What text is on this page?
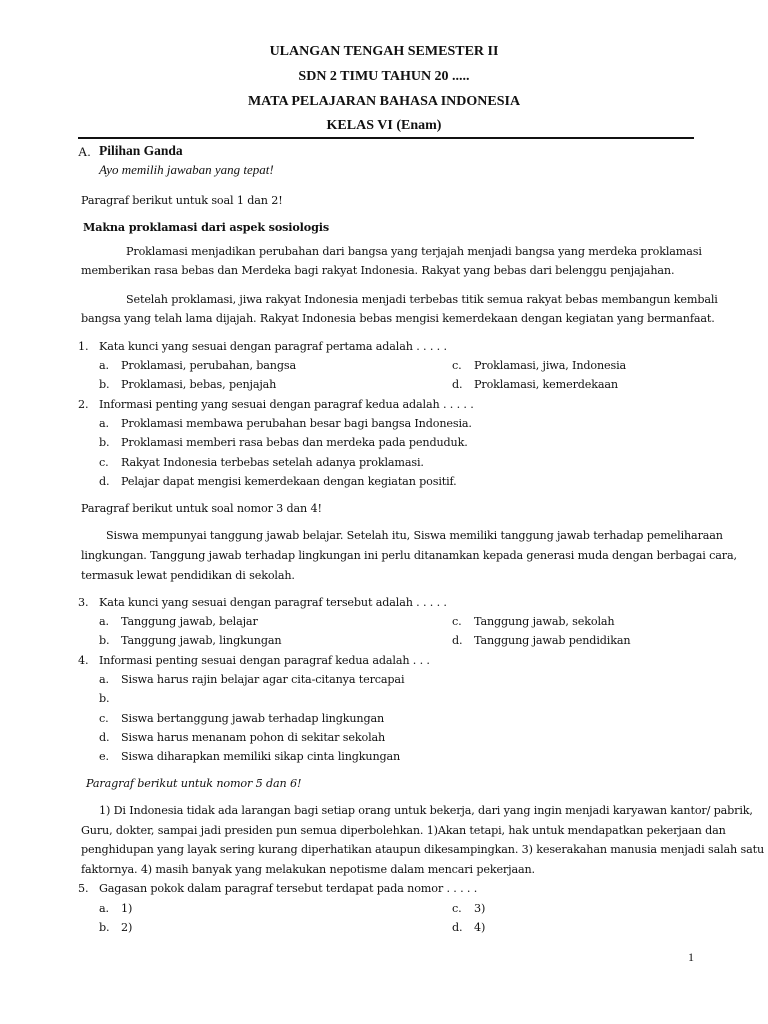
ULANGAN TENGAH SEMESTER II
SDN 2 TIMU TAHUN 20 .....
MATA PELAJARAN BAHASA INDONESIA
KELAS VI (Enam)
A. Pilihan Ganda
Ayo memilih jawaban yang tepat!
Paragraf berikut untuk soal 1 dan 2!
Makna proklamasi dari aspek sosiologis
Proklamasi menjadikan perubahan dari bangsa yang terjajah menjadi bangsa yang merdeka proklamasi
memberikan rasa bebas dan Merdeka bagi rakyat Indonesia. Rakyat yang bebas dari belenggu penjajahan.
Setelah proklamasi, jiwa rakyat Indonesia menjadi terbebas titik semua rakyat bebas membangun kembali
bangsa yang telah lama dijajah. Rakyat Indonesia bebas mengisi kemerdekaan dengan kegiatan yang bermanfaat.
1. Kata kunci yang sesuai dengan paragraf pertama adalah . . . . .
a. Proklamasi, perubahan, bangsa	c. Proklamasi, jiwa, Indonesia
b. Proklamasi, bebas, penjajah	d. Proklamasi, kemerdekaan
2. Informasi penting yang sesuai dengan paragraf kedua adalah . . . . .
a. Proklamasi membawa perubahan besar bagi bangsa Indonesia.
b. Proklamasi memberi rasa bebas dan merdeka pada penduduk.
c. Rakyat Indonesia terbebas setelah adanya proklamasi.
d. Pelajar dapat mengisi kemerdekaan dengan kegiatan positif.
Paragraf berikut untuk soal nomor 3 dan 4!
Siswa mempunyai tanggung jawab belajar. Setelah itu, Siswa memiliki tanggung jawab terhadap pemeliharaan
lingkungan. Tanggung jawab terhadap lingkungan ini perlu ditanamkan kepada generasi muda dengan berbagai cara,
termasuk lewat pendidikan di sekolah.
3. Kata kunci yang sesuai dengan paragraf tersebut adalah . . . . .
a. Tanggung jawab, belajar	c. Tanggung jawab, sekolah
b. Tanggung jawab, lingkungan	d. Tanggung jawab pendidikan
4. Informasi penting sesuai dengan paragraf kedua adalah . . .
a. Siswa harus rajin belajar agar cita-citanya tercapai
b.
c. Siswa bertanggung jawab terhadap lingkungan
d. Siswa harus menanam pohon di sekitar sekolah
e. Siswa diharapkan memiliki sikap cinta lingkungan
Paragraf berikut untuk nomor 5 dan 6!
1) Di Indonesia tidak ada larangan bagi setiap orang untuk bekerja, dari yang ingin menjadi karyawan kantor/ pabrik,
Guru, dokter, sampai jadi presiden pun semua diperbolehkan. 1)Akan tetapi, hak untuk mendapatkan pekerjaan dan
penghidupan yang layak sering kurang diperhatikan ataupun dikesampingkan. 3) keserakahan manusia menjadi salah satu
faktornya. 4) masih banyak yang melakukan nepotisme dalam mencari pekerjaan.
5. Gagasan pokok dalam paragraf tersebut terdapat pada nomor . . . . .
a. 1)	c. 3)
b. 2)	d. 4)
1
